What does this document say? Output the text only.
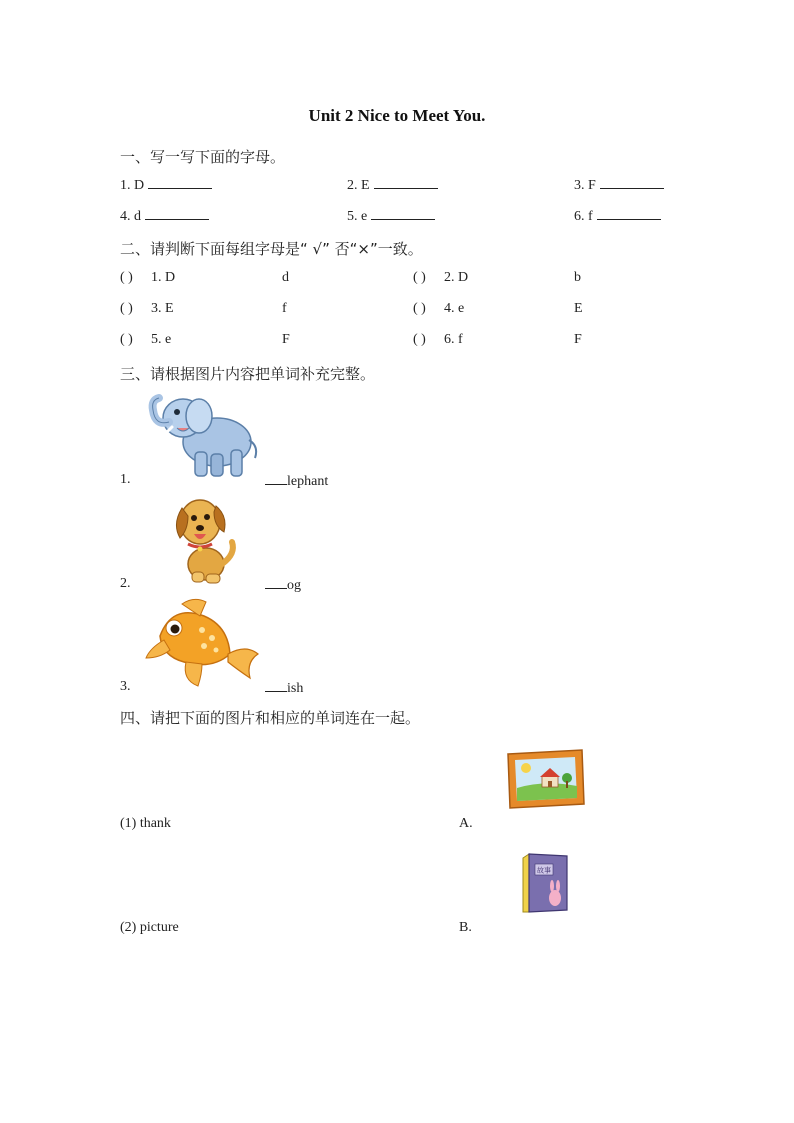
Unit 2 Nice to Meet You.
一、写一写下面的字母。
1. D	2. E	3. F
4. d	5. e	6. f
二、请判断下面每组字母是“ √” 否“×”一致。
( ) 1. D	d	( ) 2. D	b
( ) 3. E	f	( ) 4. e	E
( ) 5. e	F	( ) 6. f	F
三、请根据图片内容把单词补充完整。
1.	lephant
2.	og
3.	ish
四、请把下面的图片和相应的单词连在一起。
(1) thank	A.
故事
(2) picture	B.
